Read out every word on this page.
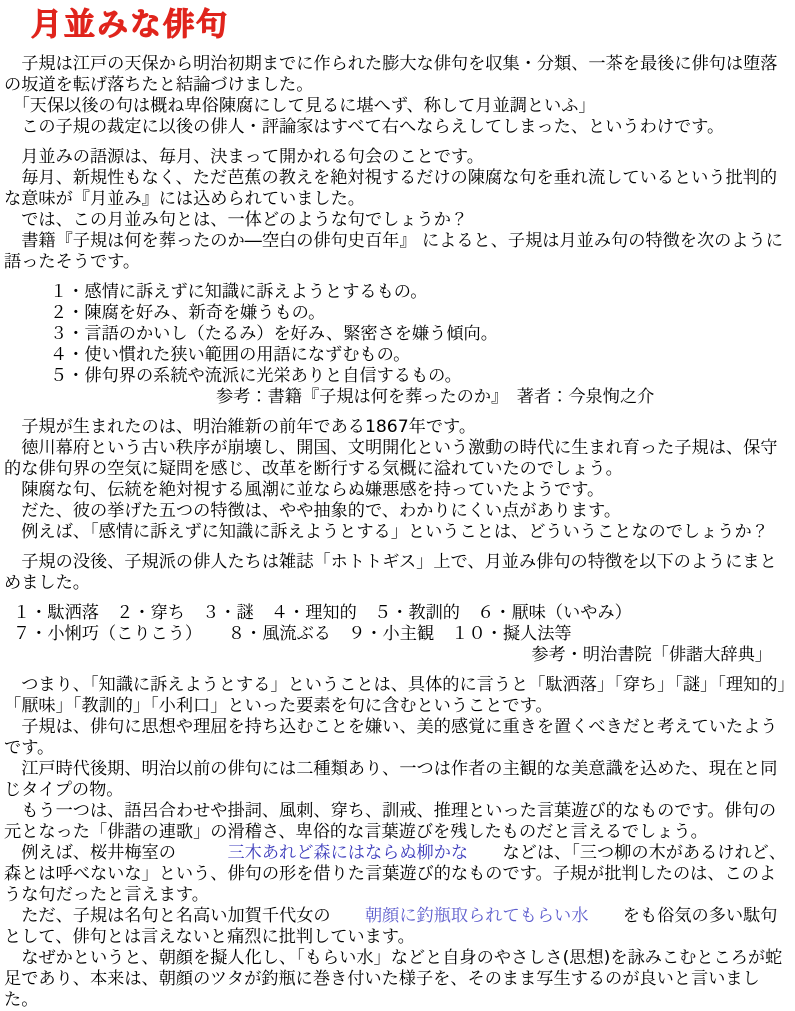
月並みな俳句
　子規は江戸の天保から明治初期までに作られた膨大な俳句を収集・分類、一茶を最後に俳句は堕落の坂道を転げ落ちたと結論づけました。
　「天保以後の句は概ね卑俗陳腐にして見るに堪へず、称して月並調といふ」
　この子規の裁定に以後の俳人・評論家はすべて右へならえしてしまった、というわけです。
　月並みの語源は、毎月、決まって開かれる句会のことです。
　毎月、新規性もなく、ただ芭蕉の教えを絶対視するだけの陳腐な句を垂れ流しているという批判的な意味が『月並み』には込められていました。
　では、この月並み句とは、一体どのような句でしょうか？
　書籍『子規は何を葬ったのか―空白の俳句史百年』 によると、子規は月並み句の特徴を次のように語ったそうです。
１・感情に訴えずに知識に訴えようとするもの。
２・陳腐を好み、新奇を嫌うもの。
３・言語のかいし（たるみ）を好み、緊密さを嫌う傾向。
４・使い慣れた狭い範囲の用語になずむもの。
５・俳句界の系統や流派に光栄ありと自信するもの。
参考：書籍『子規は何を葬ったのか』　著者：今泉恂之介
　子規が生まれたのは、明治維新の前年である1867年です。
　徳川幕府という古い秩序が崩壊し、開国、文明開化という激動の時代に生まれ育った子規は、保守的な俳句界の空気に疑問を感じ、改革を断行する気概に溢れていたのでしょう。
　陳腐な句、伝統を絶対視する風潮に並ならぬ嫌悪感を持っていたようです。
　だた、彼の挙げた五つの特徴は、やや抽象的で、わかりにくい点があります。
　例えば、「感情に訴えずに知識に訴えようとする」ということは、どういうことなのでしょうか？
　子規の没後、子規派の俳人たちは雑誌「ホトトギス」上で、月並み俳句の特徴を以下のようにまとめました。
１・駄洒落　２・穿ち　３・謎　４・理知的　５・教訓的　６・厭味（いやみ）
７・小悧巧（こりこう）　　８・風流ぶる　９・小主観　１０・擬人法等
参考・明治書院「俳諧大辞典」
　つまり、「知識に訴えようとする」ということは、具体的に言うと「駄洒落」「穿ち」「謎」「理知的」「厭味」「教訓的」「小利口」といった要素を句に含むということです。
　子規は、俳句に思想や理屈を持ち込むことを嫌い、美的感覚に重きを置くべきだと考えていたようです。
　江戸時代後期、明治以前の俳句には二種類あり、一つは作者の主観的な美意識を込めた、現在と同じタイプの物。
　もう一つは、語呂合わせや掛詞、風刺、穿ち、訓戒、推理といった言葉遊び的なものです。俳句の元となった「俳諧の連歌」の滑稽さ、卑俗的な言葉遊びを残したものだと言えるでしょう。
　例えば、桜井梅室の　　　三木あれど森にはならぬ柳かな　　などは、「三つ柳の木があるけれど、森とは呼べないな」という、俳句の形を借りた言葉遊び的なものです。子規が批判したのは、このような句だったと言えます。
　ただ、子規は名句と名高い加賀千代女の　　朝顔に釣瓶取られてもらい水　　をも俗気の多い駄句として、俳句とは言えないと痛烈に批判しています。
　なぜかというと、朝顔を擬人化し、「もらい水」などと自身のやさしさ(思想)を詠みこむところが蛇足であり、本来は、朝顔のツタが釣瓶に巻き付いた様子を、そのまま写生するのが良いと言いました。
